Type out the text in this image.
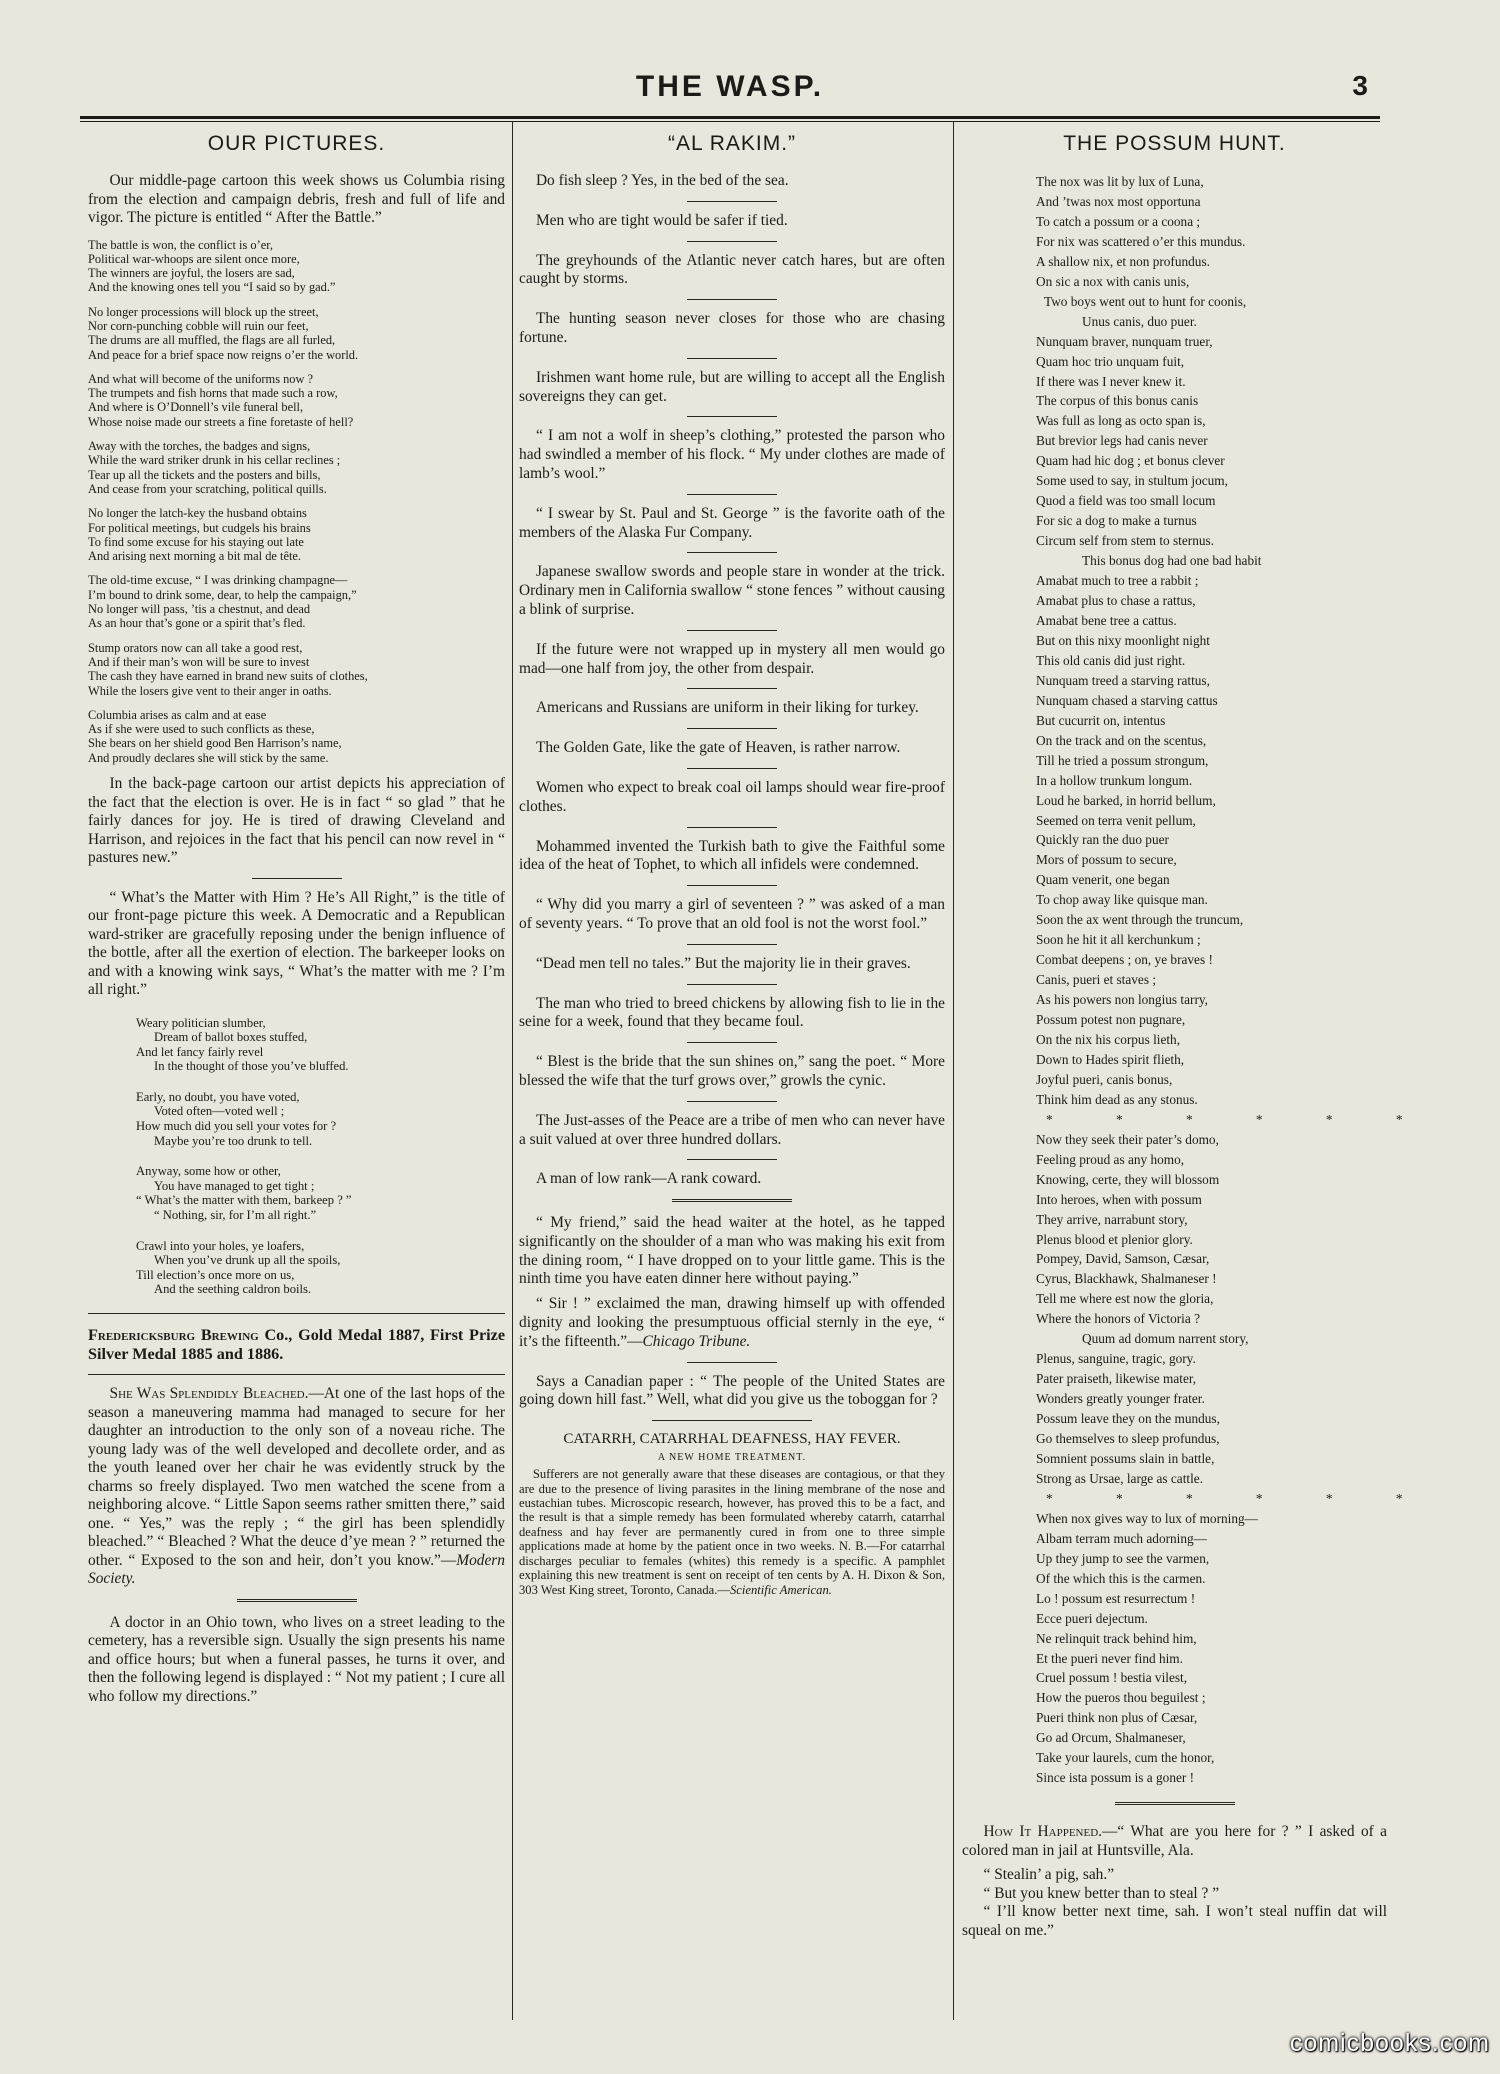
THE WASP.	3
OUR PICTURES.

Our middle-page cartoon this week shows us Columbia rising from the election and campaign debris, fresh and full of life and vigor. The picture is entitled “ After the Battle.”

The battle is won, the conflict is o’er,
Political war-whoops are silent once more,
The winners are joyful, the losers are sad,
And the knowing ones tell you “I said so by gad.”
No longer processions will block up the street,
Nor corn-punching cobble will ruin our feet,
The drums are all muffled, the flags are all furled,
And peace for a brief space now reigns o’er the world.
And what will become of the uniforms now ?
The trumpets and fish horns that made such a row,
And where is O’Donnell’s vile funeral bell,
Whose noise made our streets a fine foretaste of hell?
Away with the torches, the badges and signs,
While the ward striker drunk in his cellar reclines ;
Tear up all the tickets and the posters and bills,
And cease from your scratching, political quills.
No longer the latch-key the husband obtains
For political meetings, but cudgels his brains
To find some excuse for his staying out late
And arising next morning a bit mal de tête.
The old-time excuse, “ I was drinking champagne—
I’m bound to drink some, dear, to help the campaign,”
No longer will pass, ’tis a chestnut, and dead
As an hour that’s gone or a spirit that’s fled.
Stump orators now can all take a good rest,
And if their man’s won will be sure to invest
The cash they have earned in brand new suits of clothes,
While the losers give vent to their anger in oaths.
Columbia arises as calm and at ease
As if she were used to such conflicts as these,
She bears on her shield good Ben Harrison’s name,
And proudly declares she will stick by the same.

In the back-page cartoon our artist depicts his appreciation of the fact that the election is over. He is in fact “ so glad ” that he fairly dances for joy. He is tired of drawing Cleveland and Harrison, and rejoices in the fact that his pencil can now revel in “ pastures new.”

“ What’s the Matter with Him ? He’s All Right,” is the title of our front-page picture this week. A Democratic and a Republican ward-striker are gracefully reposing under the benign influence of the bottle, after all the exertion of election. The barkeeper looks on and with a knowing wink says, “ What’s the matter with me ? I’m all right.”

Weary politician slumber,
Dream of ballot boxes stuffed,
And let fancy fairly revel
In the thought of those you’ve bluffed.
Early, no doubt, you have voted,
Voted often—voted well ;
How much did you sell your votes for ?
Maybe you’re too drunk to tell.
Anyway, some how or other,
You have managed to get tight ;
“ What’s the matter with them, barkeep ? ”
“ Nothing, sir, for I’m all right.”
Crawl into your holes, ye loafers,
When you’ve drunk up all the spoils,
Till election’s once more on us,
And the seething caldron boils.

Fredericksburg Brewing Co., Gold Medal 1887, First Prize Silver Medal 1885 and 1886.

She Was Splendidly Bleached.—At one of the last hops of the season a maneuvering mamma had managed to secure for her daughter an introduction to the only son of a noveau riche. The young lady was of the well developed and decollete order, and as the youth leaned over her chair he was evidently struck by the charms so freely displayed. Two men watched the scene from a neighboring alcove. “ Little Sapon seems rather smitten there,” said one. “ Yes,” was the reply ; “ the girl has been splendidly bleached.” “ Bleached ? What the deuce d’ye mean ? ” returned the other. “ Exposed to the son and heir, don’t you know.”—Modern Society.

A doctor in an Ohio town, who lives on a street leading to the cemetery, has a reversible sign. Usually the sign presents his name and office hours; but when a funeral passes, he turns it over, and then the following legend is displayed : “ Not my patient ; I cure all who follow my directions.”

“AL RAKIM.”

Do fish sleep ? Yes, in the bed of the sea.

Men who are tight would be safer if tied.

The greyhounds of the Atlantic never catch hares, but are often caught by storms.

The hunting season never closes for those who are chasing fortune.

Irishmen want home rule, but are willing to accept all the English sovereigns they can get.

“ I am not a wolf in sheep’s clothing,” protested the parson who had swindled a member of his flock. “ My under clothes are made of lamb’s wool.”

“ I swear by St. Paul and St. George ” is the favorite oath of the members of the Alaska Fur Company.

Japanese swallow swords and people stare in wonder at the trick. Ordinary men in California swallow “ stone fences ” without causing a blink of surprise.

If the future were not wrapped up in mystery all men would go mad—one half from joy, the other from despair.

Americans and Russians are uniform in their liking for turkey.

The Golden Gate, like the gate of Heaven, is rather narrow.

Women who expect to break coal oil lamps should wear fire-proof clothes.

Mohammed invented the Turkish bath to give the Faithful some idea of the heat of Tophet, to which all infidels were condemned.

“ Why did you marry a girl of seventeen ? ” was asked of a man of seventy years. “ To prove that an old fool is not the worst fool.”

“Dead men tell no tales.” But the majority lie in their graves.

The man who tried to breed chickens by allowing fish to lie in the seine for a week, found that they became foul.

“ Blest is the bride that the sun shines on,” sang the poet. “ More blessed the wife that the turf grows over,” growls the cynic.

The Just-asses of the Peace are a tribe of men who can never have a suit valued at over three hundred dollars.

A man of low rank—A rank coward.

“ My friend,” said the head waiter at the hotel, as he tapped significantly on the shoulder of a man who was making his exit from the dining room, “ I have dropped on to your little game. This is the ninth time you have eaten dinner here without paying.”

“ Sir ! ” exclaimed the man, drawing himself up with offended dignity and looking the presumptuous official sternly in the eye, “ it’s the fifteenth.”—Chicago Tribune.

Says a Canadian paper : “ The people of the United States are going down hill fast.” Well, what did you give us the toboggan for ?

CATARRH, CATARRHAL DEAFNESS, HAY FEVER.
A NEW HOME TREATMENT.

Sufferers are not generally aware that these diseases are contagious, or that they are due to the presence of living parasites in the lining membrane of the nose and eustachian tubes. Microscopic research, however, has proved this to be a fact, and the result is that a simple remedy has been formulated whereby catarrh, catarrhal deafness and hay fever are permanently cured in from one to three simple applications made at home by the patient once in two weeks. N. B.—For catarrhal discharges peculiar to females (whites) this remedy is a specific. A pamphlet explaining this new treatment is sent on receipt of ten cents by A. H. Dixon & Son, 303 West King street, Toronto, Canada.—Scientific American.

THE POSSUM HUNT.
The nox was lit by lux of Luna,
And ’twas nox most opportuna
To catch a possum or a coona ;
For nix was scattered o’er this mundus.
A shallow nix, et non profundus.
On sic a nox with canis unis,
Two boys went out to hunt for coonis,
Unus canis, duo puer.
Nunquam braver, nunquam truer,
Quam hoc trio unquam fuit,
If there was I never knew it.
The corpus of this bonus canis
Was full as long as octo span is,
But brevior legs had canis never
Quam had hic dog ; et bonus clever
Some used to say, in stultum jocum,
Quod a field was too small locum
For sic a dog to make a turnus
Circum self from stem to sternus.
This bonus dog had one bad habit
Amabat much to tree a rabbit ;
Amabat plus to chase a rattus,
Amabat bene tree a cattus.
But on this nixy moonlight night
This old canis did just right.
Nunquam treed a starving rattus,
Nunquam chased a starving cattus
But cucurrit on, intentus
On the track and on the scentus,
Till he tried a possum strongum,
In a hollow trunkum longum.
Loud he barked, in horrid bellum,
Seemed on terra venit pellum,
Quickly ran the duo puer
Mors of possum to secure,
Quam venerit, one began
To chop away like quisque man.
Soon the ax went through the truncum,
Soon he hit it all kerchunkum ;
Combat deepens ; on, ye braves !
Canis, pueri et staves ;
As his powers non longius tarry,
Possum potest non pugnare,
On the nix his corpus lieth,
Down to Hades spirit flieth,
Joyful pueri, canis bonus,
Think him dead as any stonus.
* * * * * *
Now they seek their pater’s domo,
Feeling proud as any homo,
Knowing, certe, they will blossom
Into heroes, when with possum
They arrive, narrabunt story,
Plenus blood et plenior glory.
Pompey, David, Samson, Cæsar,
Cyrus, Blackhawk, Shalmaneser !
Tell me where est now the gloria,
Where the honors of Victoria ?
Quum ad domum narrent story,
Plenus, sanguine, tragic, gory.
Pater praiseth, likewise mater,
Wonders greatly younger frater.
Possum leave they on the mundus,
Go themselves to sleep profundus,
Somnient possums slain in battle,
Strong as Ursae, large as cattle.
* * * * * *
When nox gives way to lux of morning—
Albam terram much adorning—
Up they jump to see the varmen,
Of the which this is the carmen.
Lo ! possum est resurrectum !
Ecce pueri dejectum.
Ne relinquit track behind him,
Et the pueri never find him.
Cruel possum ! bestia vilest,
How the pueros thou beguilest ;
Pueri think non plus of Cæsar,
Go ad Orcum, Shalmaneser,
Take your laurels, cum the honor,
Since ista possum is a goner !

How It Happened.—“ What are you here for ? ” I asked of a colored man in jail at Huntsville, Ala.

“ Stealin’ a pig, sah.”

“ But you knew better than to steal ? ”

“ I’ll know better next time, sah. I won’t steal nuffin dat will squeal on me.”

comicbooks.com
